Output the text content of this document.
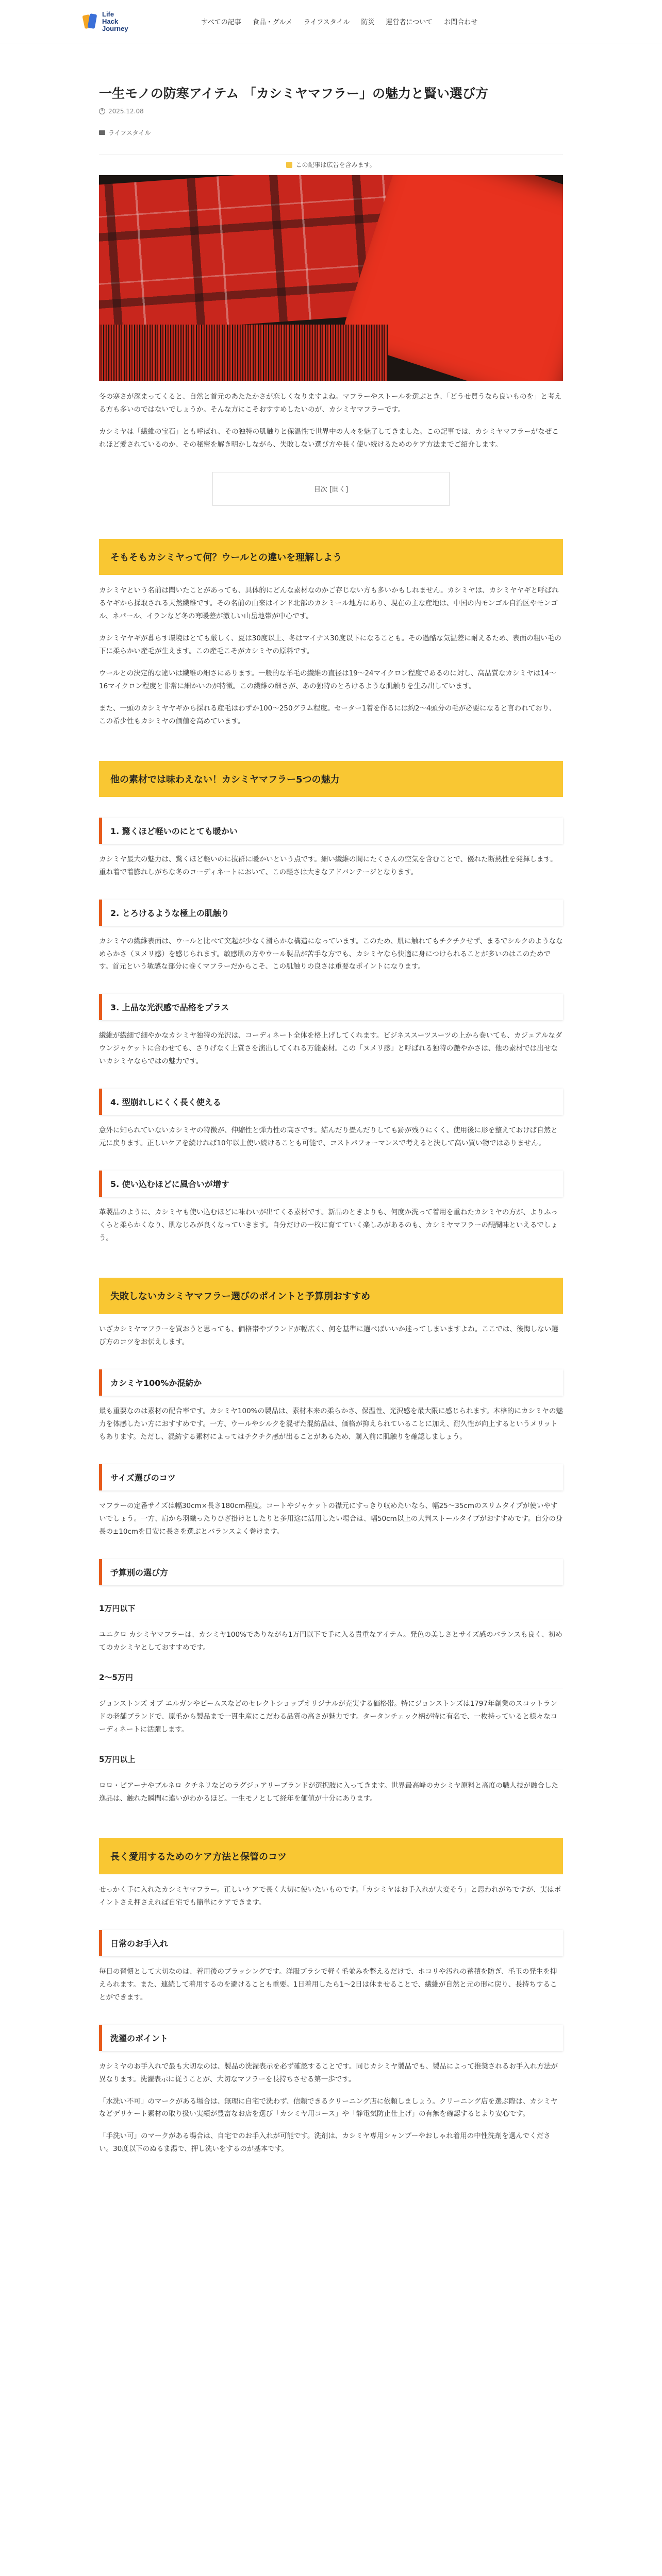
Life
Hack
Journey
すべての記事 食品・グルメ ライフスタイル 防災 運営者について お問合わせ
一生モノの防寒アイテム 「カシミヤマフラー」の魅力と賢い選び方
2025.12.08
ライフスタイル
この記事は広告を含みます。

冬の寒さが深まってくると、自然と首元のあたたかさが恋しくなりますよね。マフラーやストールを選ぶとき、「どうせ買うなら良いものを」と考える方も多いのではないでしょうか。そんな方にこそおすすめしたいのが、カシミヤマフラーです。

カシミヤは「繊維の宝石」とも呼ばれ、その独特の肌触りと保温性で世界中の人々を魅了してきました。この記事では、カシミヤマフラーがなぜこれほど愛されているのか、その秘密を解き明かしながら、失敗しない選び方や長く使い続けるためのケア方法までご紹介します。

目次 [開く]
そもそもカシミヤって何？ウールとの違いを理解しよう

カシミヤという名前は聞いたことがあっても、具体的にどんな素材なのかご存じない方も多いかもしれません。カシミヤは、カシミヤヤギと呼ばれるヤギから採取される天然繊維です。その名前の由来はインド北部のカシミール地方にあり、現在の主な産地は、中国の内モンゴル自治区やモンゴル、ネパール、イランなど冬の寒暖差が激しい山岳地帯が中心です。

カシミヤヤギが暮らす環境はとても厳しく、夏は30度以上、冬はマイナス30度以下になることも。その過酷な気温差に耐えるため、表面の粗い毛の下に柔らかい産毛が生えます。この産毛こそがカシミヤの原料です。

ウールとの決定的な違いは繊維の細さにあります。一般的な羊毛の繊維の直径は19〜24マイクロン程度であるのに対し、高品質なカシミヤは14〜16マイクロン程度と非常に細かいのが特徴。この繊維の細さが、あの独特のとろけるような肌触りを生み出しています。

また、一頭のカシミヤヤギから採れる産毛はわずか100〜250グラム程度。セーター1着を作るには約2〜4頭分の毛が必要になると言われており、この希少性もカシミヤの価値を高めています。

他の素材では味わえない！カシミヤマフラー5つの魅力
1. 驚くほど軽いのにとても暖かい

カシミヤ最大の魅力は、驚くほど軽いのに抜群に暖かいという点です。細い繊維の間にたくさんの空気を含むことで、優れた断熱性を発揮します。重ね着で着膨れしがちな冬のコーディネートにおいて、この軽さは大きなアドバンテージとなります。

2. とろけるような極上の肌触り

カシミヤの繊維表面は、ウールと比べて突起が少なく滑らかな構造になっています。このため、肌に触れてもチクチクせず、まるでシルクのようななめらかさ（ヌメリ感）を感じられます。敏感肌の方やウール製品が苦手な方でも、カシミヤなら快適に身につけられることが多いのはこのためです。首元という敏感な部分に巻くマフラーだからこそ、この肌触りの良さは重要なポイントになります。

3. 上品な光沢感で品格をプラス

繊維が繊細で細やかなカシミヤ独特の光沢は、コーディネート全体を格上げしてくれます。ビジネススーツスーツの上から巻いても、カジュアルなダウンジャケットに合わせても、さりげなく上質さを演出してくれる万能素材。この「ヌメリ感」と呼ばれる独特の艶やかさは、他の素材では出せないカシミヤならではの魅力です。

4. 型崩れしにくく長く使える

意外に知られていないカシミヤの特徴が、伸縮性と弾力性の高さです。結んだり畳んだりしても跡が残りにくく、使用後に形を整えておけば自然と元に戻ります。正しいケアを続ければ10年以上使い続けることも可能で、コストパフォーマンスで考えると決して高い買い物ではありません。

5. 使い込むほどに風合いが増す

革製品のように、カシミヤも使い込むほどに味わいが出てくる素材です。新品のときよりも、何度か洗って着用を重ねたカシミヤの方が、よりふっくらと柔らかくなり、肌なじみが良くなっていきます。自分だけの一枚に育てていく楽しみがあるのも、カシミヤマフラーの醍醐味といえるでしょう。

失敗しないカシミヤマフラー選びのポイントと予算別おすすめ

いざカシミヤマフラーを買おうと思っても、価格帯やブランドが幅広く、何を基準に選べばいいか迷ってしまいますよね。ここでは、後悔しない選び方のコツをお伝えします。

カシミヤ100%か混紡か

最も重要なのは素材の配合率です。カシミヤ100%の製品は、素材本来の柔らかさ、保温性、光沢感を最大限に感じられます。本格的にカシミヤの魅力を体感したい方におすすめです。一方、ウールやシルクを混ぜた混紡品は、価格が抑えられていることに加え、耐久性が向上するというメリットもあります。ただし、混紡する素材によってはチクチク感が出ることがあるため、購入前に肌触りを確認しましょう。

サイズ選びのコツ

マフラーの定番サイズは幅30cm×長さ180cm程度。コートやジャケットの襟元にすっきり収めたいなら、幅25〜35cmのスリムタイプが使いやすいでしょう。一方、肩から羽織ったりひざ掛けとしたりと多用途に活用したい場合は、幅50cm以上の大判ストールタイプがおすすめです。自分の身長の±10cmを目安に長さを選ぶとバランスよく巻けます。

予算別の選び方
1万円以下

ユニクロ カシミヤマフラーは、カシミヤ100%でありながら1万円以下で手に入る貴重なアイテム。発色の美しさとサイズ感のバランスも良く、初めてのカシミヤとしておすすめです。

2〜5万円

ジョンストンズ オブ エルガンやビームスなどのセレクトショップオリジナルが充実する価格帯。特にジョンストンズは1797年創業のスコットランドの老舗ブランドで、原毛から製品まで一貫生産にこだわる品質の高さが魅力です。タータンチェック柄が特に有名で、一枚持っていると様々なコーディネートに活躍します。

5万円以上

ロロ・ピアーナやブルネロ クチネリなどのラグジュアリーブランドが選択肢に入ってきます。世界最高峰のカシミヤ原料と高度の職人技が融合した逸品は、触れた瞬間に違いがわかるほど。一生モノとして経年を価値が十分にあります。

長く愛用するためのケア方法と保管のコツ

せっかく手に入れたカシミヤマフラー。正しいケアで長く大切に使いたいものです。「カシミヤはお手入れが大変そう」と思われがちですが、実はポイントさえ押さえれば自宅でも簡単にケアできます。

日常のお手入れ

毎日の習慣として大切なのは、着用後のブラッシングです。洋服ブラシで軽く毛並みを整えるだけで、ホコリや汚れの蓄積を防ぎ、毛玉の発生を抑えられます。また、連続して着用するのを避けることも重要。1日着用したら1〜2日は休ませることで、繊維が自然と元の形に戻り、長持ちすることができます。

洗濯のポイント

カシミヤのお手入れで最も大切なのは、製品の洗濯表示を必ず確認することです。同じカシミヤ製品でも、製品によって推奨されるお手入れ方法が異なります。洗濯表示に従うことが、大切なマフラーを長持ちさせる第一歩です。

「水洗い不可」のマークがある場合は、無理に自宅で洗わず、信頼できるクリーニング店に依頼しましょう。クリーニング店を選ぶ際は、カシミヤなどデリケート素材の取り扱い実績が豊富なお店を選び「カシミヤ用コース」や「静電気防止仕上げ」の有無を確認するとより安心です。

「手洗い可」のマークがある場合は、自宅でのお手入れが可能です。洗剤は、カシミヤ専用シャンプーやおしゃれ着用の中性洗剤を選んでください。30度以下のぬるま湯で、押し洗いをするのが基本です。
